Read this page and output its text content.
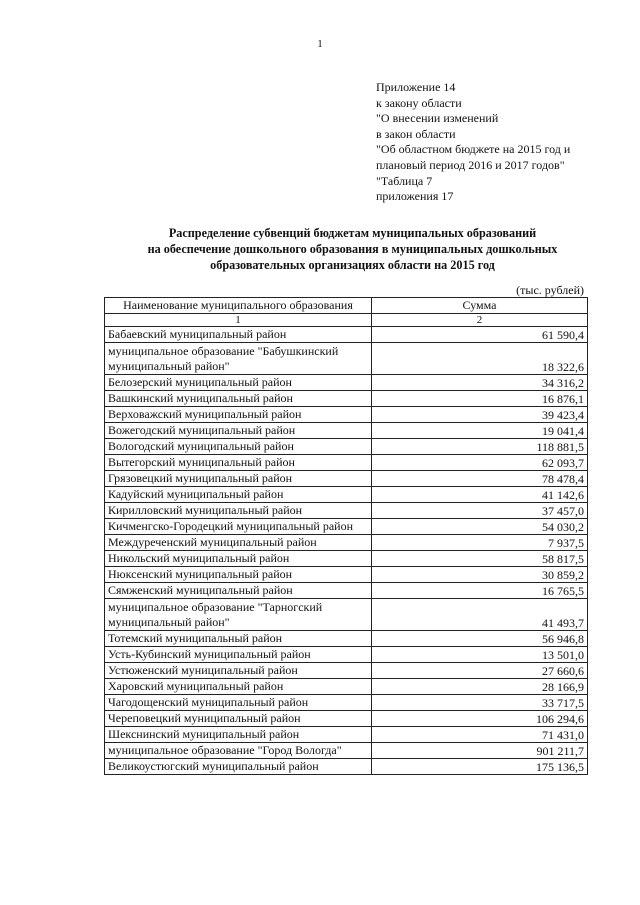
1
Приложение 14
к закону области
"О внесении изменений
в закон области
"Об областном бюджете на 2015 год и
плановый период 2016 и 2017 годов"
"Таблица 7
приложения 17
Распределение субвенций бюджетам муниципальных образований
на обеспечение дошкольного образования в муниципальных дошкольных
образовательных организациях области на 2015 год
(тыс. рублей)
Наименование муниципального образования	Сумма
1	2
Бабаевский муниципальный район	61 590,4
муниципальное образование "Бабушкинский муниципальный район"	18 322,6
Белозерский муниципальный район	34 316,2
Вашкинский муниципальный район	16 876,1
Верховажский муниципальный район	39 423,4
Вожегодский муниципальный район	19 041,4
Вологодский муниципальный район	118 881,5
Вытегорский муниципальный район	62 093,7
Грязовецкий муниципальный район	78 478,4
Кадуйский муниципальный район	41 142,6
Кирилловский муниципальный район	37 457,0
Кичменгско-Городецкий муниципальный район	54 030,2
Междуреченский муниципальный район	7 937,5
Никольский муниципальный район	58 817,5
Нюксенский муниципальный район	30 859,2
Сямженский муниципальный район	16 765,5
муниципальное образование "Тарногский муниципальный район"	41 493,7
Тотемский муниципальный район	56 946,8
Усть-Кубинский муниципальный район	13 501,0
Устюженский муниципальный район	27 660,6
Харовский муниципальный район	28 166,9
Чагодощенский муниципальный район	33 717,5
Череповецкий муниципальный район	106 294,6
Шекснинский муниципальный район	71 431,0
муниципальное образование "Город Вологда"	901 211,7
Великоустюгский муниципальный район	175 136,5
